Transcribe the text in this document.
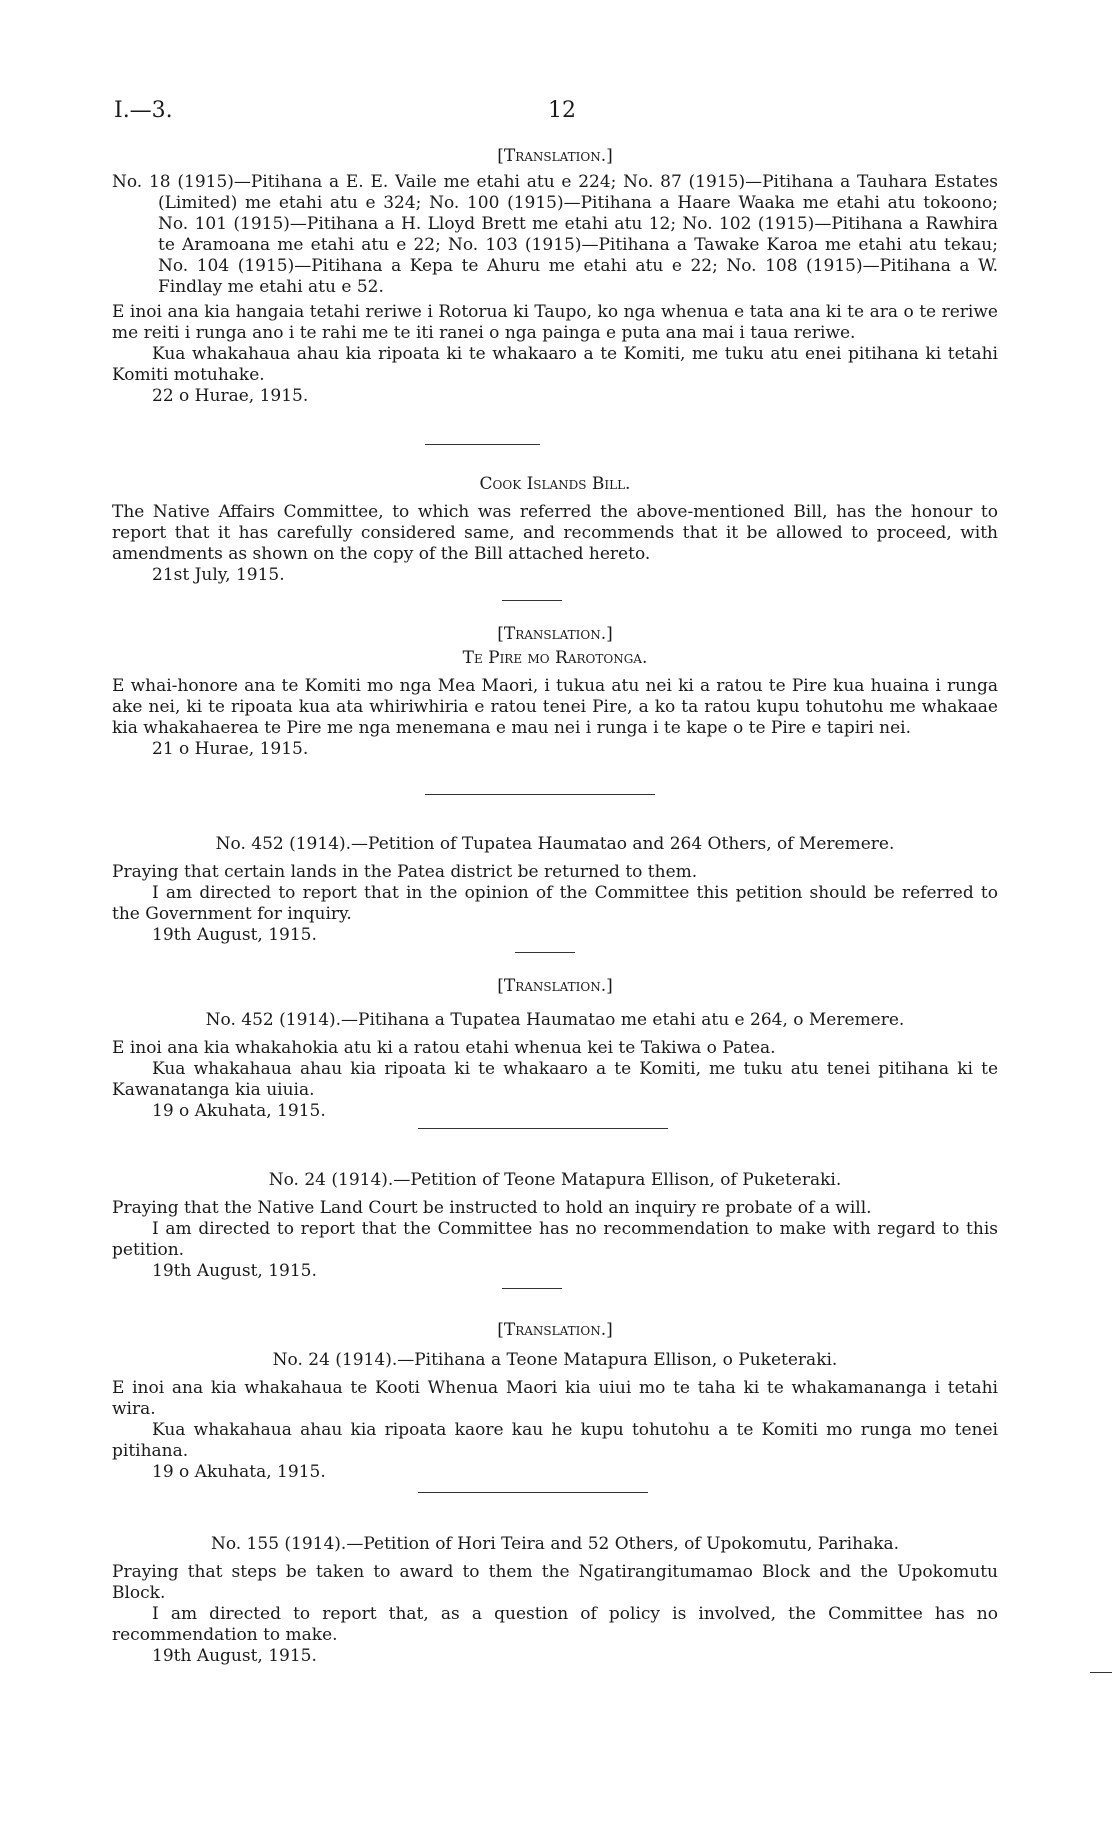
I.—3.	12
[Translation.]

No. 18 (1915)—Pitihana a E. E. Vaile me etahi atu e 224; No. 87 (1915)—Pitihana a Tauhara Estates (Limited) me etahi atu e 324; No. 100 (1915)—Pitihana a Haare Waaka me etahi atu tokoono; No. 101 (1915)—Pitihana a H. Lloyd Brett me etahi atu 12; No. 102 (1915)—Pitihana a Rawhira te Aramoana me etahi atu e 22; No. 103 (1915)—Pitihana a Tawake Karoa me etahi atu tekau; No. 104 (1915)—Pitihana a Kepa te Ahuru me etahi atu e 22; No. 108 (1915)—Pitihana a W. Findlay me etahi atu e 52.

E inoi ana kia hangaia tetahi reriwe i Rotorua ki Taupo, ko nga whenua e tata ana ki te ara o te reriwe me reiti i runga ano i te rahi me te iti ranei o nga painga e puta ana mai i taua reriwe.

Kua whakahaua ahau kia ripoata ki te whakaaro a te Komiti, me tuku atu enei pitihana ki tetahi Komiti motuhake.

22 o Hurae, 1915.

Cook Islands Bill.

The Native Affairs Committee, to which was referred the above-mentioned Bill, has the honour to report that it has carefully considered same, and recommends that it be allowed to proceed, with amendments as shown on the copy of the Bill attached hereto.

21st July, 1915.

[Translation.]
Te Pire mo Rarotonga.

E whai-honore ana te Komiti mo nga Mea Maori, i tukua atu nei ki a ratou te Pire kua huaina i runga ake nei, ki te ripoata kua ata whiriwhiria e ratou tenei Pire, a ko ta ratou kupu tohutohu me whakaae kia whakahaerea te Pire me nga menemana e mau nei i runga i te kape o te Pire e tapiri nei.

21 o Hurae, 1915.

No. 452 (1914).—Petition of Tupatea Haumatao and 264 Others, of Meremere.

Praying that certain lands in the Patea district be returned to them.

I am directed to report that in the opinion of the Committee this petition should be referred to the Government for inquiry.

19th August, 1915.

[Translation.]
No. 452 (1914).—Pitihana a Tupatea Haumatao me etahi atu e 264, o Meremere.

E inoi ana kia whakahokia atu ki a ratou etahi whenua kei te Takiwa o Patea.

Kua whakahaua ahau kia ripoata ki te whakaaro a te Komiti, me tuku atu tenei pitihana ki te Kawanatanga kia uiuia.

19 o Akuhata, 1915.

No. 24 (1914).—Petition of Teone Matapura Ellison, of Puketeraki.

Praying that the Native Land Court be instructed to hold an inquiry re probate of a will.

I am directed to report that the Committee has no recommendation to make with regard to this petition.

19th August, 1915.

[Translation.]
No. 24 (1914).—Pitihana a Teone Matapura Ellison, o Puketeraki.

E inoi ana kia whakahaua te Kooti Whenua Maori kia uiui mo te taha ki te whakamananga i tetahi wira.

Kua whakahaua ahau kia ripoata kaore kau he kupu tohutohu a te Komiti mo runga mo tenei pitihana.

19 o Akuhata, 1915.

No. 155 (1914).—Petition of Hori Teira and 52 Others, of Upokomutu, Parihaka.

Praying that steps be taken to award to them the Ngatirangitumamao Block and the Upokomutu Block.

I am directed to report that, as a question of policy is involved, the Committee has no recommendation to make.

19th August, 1915.
